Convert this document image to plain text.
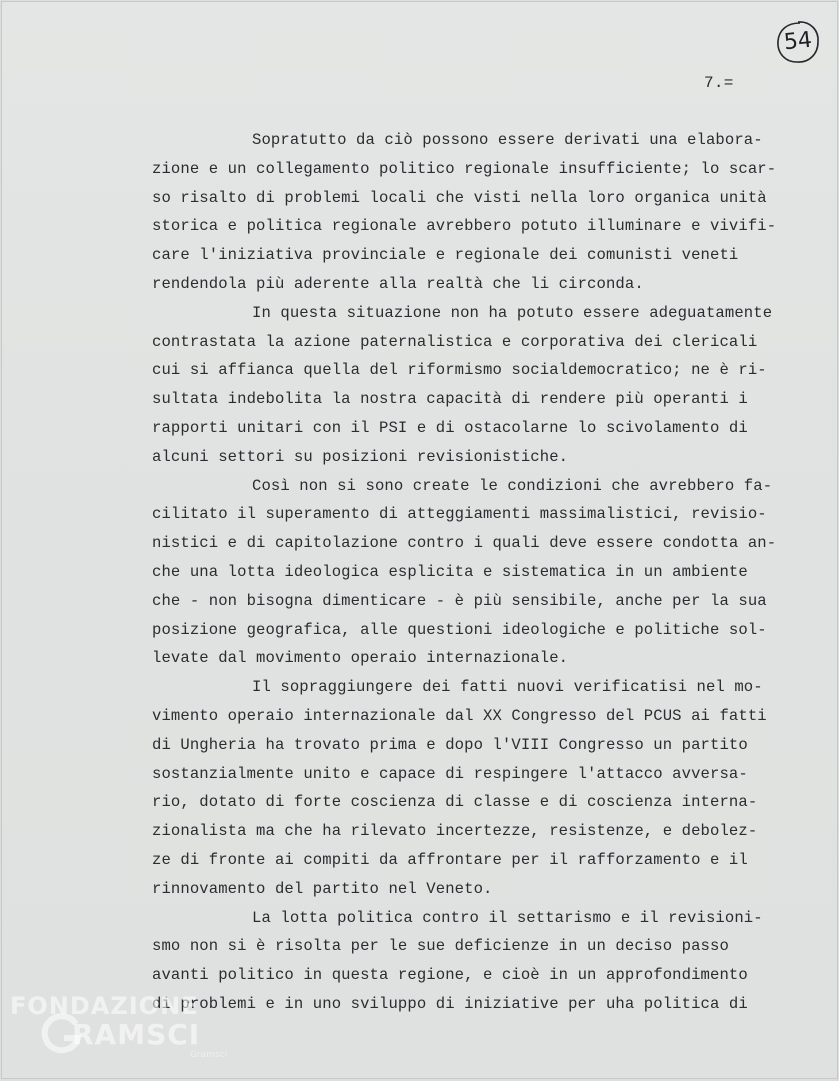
54
7.=
Sopratutto da ciò possono essere derivati una elabora-
zione e un collegamento politico regionale insufficiente; lo scar-
so risalto di problemi locali che visti nella loro organica unità
storica e politica regionale avrebbero potuto illuminare e vivifi-
care l'iniziativa provinciale e regionale dei comunisti veneti
rendendola più aderente alla realtà che li circonda.
In questa situazione non ha potuto essere adeguatamente
contrastata la azione paternalistica e corporativa dei clericali
cui si affianca quella del riformismo socialdemocratico; ne è ri-
sultata indebolita la nostra capacità di rendere più operanti i
rapporti unitari con il PSI e di ostacolarne lo scivolamento di
alcuni settori su posizioni revisionistiche.
Così non si sono create le condizioni che avrebbero fa-
cilitato il superamento di atteggiamenti massimalistici, revisio-
nistici e di capitolazione contro i quali deve essere condotta an-
che una lotta ideologica esplicita e sistematica in un ambiente
che - non bisogna dimenticare - è più sensibile, anche per la sua
posizione geografica, alle questioni ideologiche e politiche sol-
levate dal movimento operaio internazionale.
Il sopraggiungere dei fatti nuovi verificatisi nel mo-
vimento operaio internazionale dal XX Congresso del PCUS ai fatti
di Ungheria ha trovato prima e dopo l'VIII Congresso un partito
sostanzialmente unito e capace di respingere l'attacco avversa-
rio, dotato di forte coscienza di classe e di coscienza interna-
zionalista ma che ha rilevato incertezze, resistenze, e debolez-
ze di fronte ai compiti da affrontare per il rafforzamento e il
rinnovamento del partito nel Veneto.
La lotta politica contro il settarismo e il revisioni-
smo non si è risolta per le sue deficienze in un deciso passo
avanti politico in questa regione, e cioè in un approfondimento
di problemi e in uno sviluppo di iniziative per uha politica di
FONDAZIONE
RAMSCI
Gramsci
